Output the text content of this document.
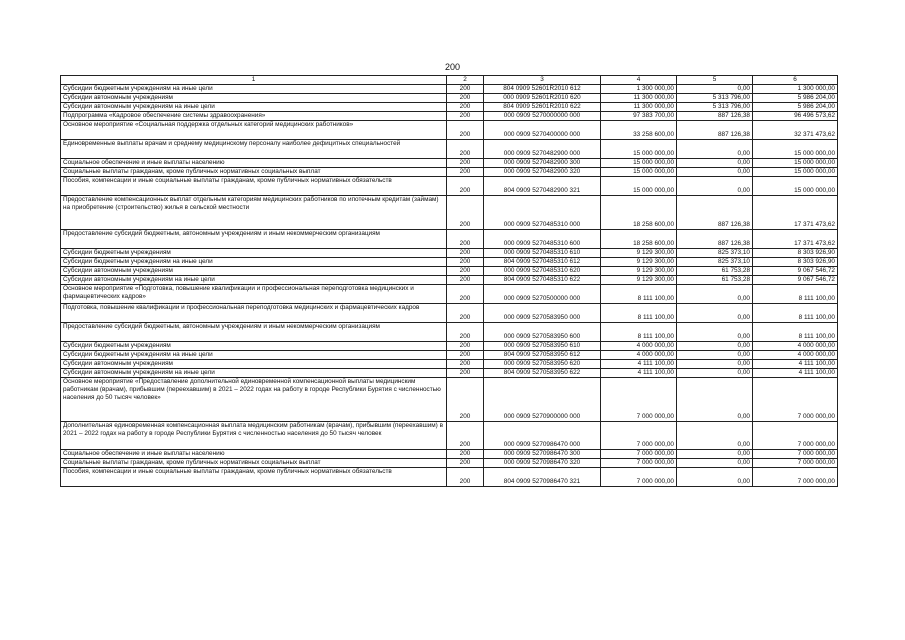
200
1	2	3	4	5	6
Субсидии бюджетным учреждениям на иные цели	200	804 0909 52601R2010 612	1 300 000,00	0,00	1 300 000,00
Субсидии автономным учреждениям	200	000 0909 52601R2010 620	11 300 000,00	5 313 796,00	5 986 204,00
Субсидии автономным учреждениям на иные цели	200	804 0909 52601R2010 622	11 300 000,00	5 313 796,00	5 986 204,00
Подпрограмма «Кадровое обеспечение системы здравоохранения»	200	000 0909 5270000000 000	97 383 700,00	887 126,38	96 496 573,62
Основное мероприятие «Социальная поддержка отдельных категорий медицинских работников»	200	000 0909 5270400000 000	33 258 600,00	887 126,38	32 371 473,62
Единовременные выплаты врачам и среднему медицинскому персоналу наиболее дефицитных специальностей	200	000 0909 5270482900 000	15 000 000,00	0,00	15 000 000,00
Социальное обеспечение и иные выплаты населению	200	000 0909 5270482900 300	15 000 000,00	0,00	15 000 000,00
Социальные выплаты гражданам, кроме публичных нормативных социальных выплат	200	000 0909 5270482900 320	15 000 000,00	0,00	15 000 000,00
Пособия, компенсации и иные социальные выплаты гражданам, кроме публичных нормативных обязательств	200	804 0909 5270482900 321	15 000 000,00	0,00	15 000 000,00
Предоставление компенсационных выплат отдельным категориям медицинских работников по ипотечным кредитам (займам) на приобретение (строительство) жилья в сельской местности	200	000 0909 5270485310 000	18 258 600,00	887 126,38	17 371 473,62
Предоставление субсидий бюджетным, автономным учреждениям и иным некоммерческим организациям	200	000 0909 5270485310 600	18 258 600,00	887 126,38	17 371 473,62
Субсидии бюджетным учреждениям	200	000 0909 5270485310 610	9 129 300,00	825 373,10	8 303 926,90
Субсидии бюджетным учреждениям на иные цели	200	804 0909 5270485310 612	9 129 300,00	825 373,10	8 303 926,90
Субсидии автономным учреждениям	200	000 0909 5270485310 620	9 129 300,00	61 753,28	9 067 546,72
Субсидии автономным учреждениям на иные цели	200	804 0909 5270485310 622	9 129 300,00	61 753,28	9 067 546,72
Основное мероприятие «Подготовка, повышение квалификации и профессиональная переподготовка медицинских и фармацевтических кадров»	200	000 0909 5270500000 000	8 111 100,00	0,00	8 111 100,00
Подготовка, повышение квалификации и профессиональная переподготовка медицинских и фармацевтических кадров	200	000 0909 5270583950 000	8 111 100,00	0,00	8 111 100,00
Предоставление субсидий бюджетным, автономным учреждениям и иным некоммерческим организациям	200	000 0909 5270583950 600	8 111 100,00	0,00	8 111 100,00
Субсидии бюджетным учреждениям	200	000 0909 5270583950 610	4 000 000,00	0,00	4 000 000,00
Субсидии бюджетным учреждениям на иные цели	200	804 0909 5270583950 612	4 000 000,00	0,00	4 000 000,00
Субсидии автономным учреждениям	200	000 0909 5270583950 620	4 111 100,00	0,00	4 111 100,00
Субсидии автономным учреждениям на иные цели	200	804 0909 5270583950 622	4 111 100,00	0,00	4 111 100,00
Основное мероприятие «Предоставление дополнительной единовременной компенсационной выплаты медицинским работникам (врачам), прибывшим (переехавшим) в 2021 – 2022 годах на работу в городе Республики Бурятия с численностью населения до 50 тысяч человек»	200	000 0909 5270900000 000	7 000 000,00	0,00	7 000 000,00
Дополнительная единовременная компенсационная выплата медицинским работникам (врачам), прибывшим (переехавшим) в 2021 – 2022 годах на работу в городе Республики Бурятия с численностью населения до 50 тысяч человек	200	000 0909 5270986470 000	7 000 000,00	0,00	7 000 000,00
Социальное обеспечение и иные выплаты населению	200	000 0909 5270986470 300	7 000 000,00	0,00	7 000 000,00
Социальные выплаты гражданам, кроме публичных нормативных социальных выплат	200	000 0909 5270986470 320	7 000 000,00	0,00	7 000 000,00
Пособия, компенсации и иные социальные выплаты гражданам, кроме публичных нормативных обязательств	200	804 0909 5270986470 321	7 000 000,00	0,00	7 000 000,00
